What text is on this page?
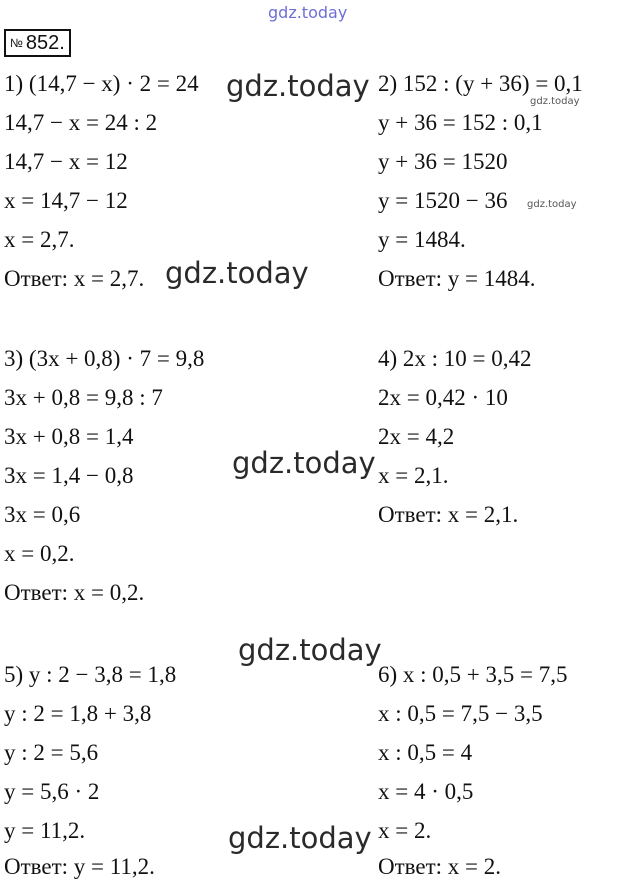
gdz.today
№ 852.
1) (14,7 − x) · 2 = 24
14,7 − x = 24 : 2
14,7 − x = 12
x = 14,7 − 12
x = 2,7.
Ответ: x = 2,7.
2) 152 : (y + 36) = 0,1
y + 36 = 152 : 0,1
y + 36 = 1520
y = 1520 − 36
y = 1484.
Ответ: y = 1484.
3) (3x + 0,8) · 7 = 9,8
3x + 0,8 = 9,8 : 7
3x + 0,8 = 1,4
3x = 1,4 − 0,8
3x = 0,6
x = 0,2.
Ответ: x = 0,2.
4) 2x : 10 = 0,42
2x = 0,42 · 10
2x = 4,2
x = 2,1.
Ответ: x = 2,1.
5) y : 2 − 3,8 = 1,8
y : 2 = 1,8 + 3,8
y : 2 = 5,6
y = 5,6 · 2
y = 11,2.
Ответ: y = 11,2.
6) x : 0,5 + 3,5 = 7,5
x : 0,5 = 7,5 − 3,5
x : 0,5 = 4
x = 4 · 0,5
x = 2.
Ответ: x = 2.
gdz.today
gdz.today
gdz.today
gdz.today
gdz.today
gdz.today
gdz.today
